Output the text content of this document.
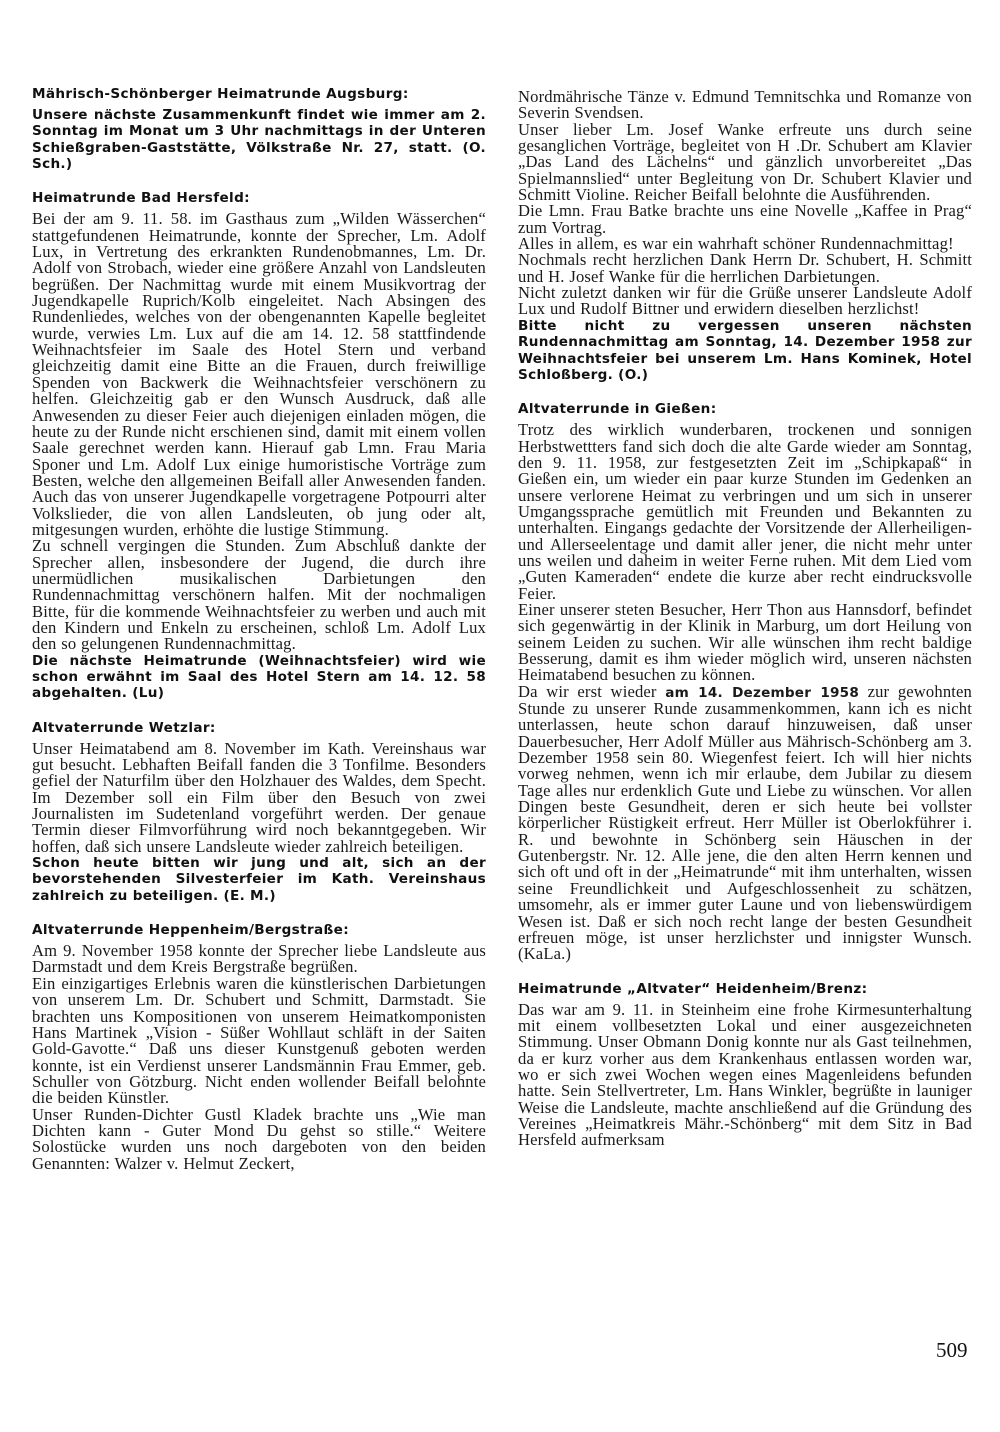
Mährisch-Schönberger Heimatrunde Augsburg:

Unsere nächste Zusammenkunft findet wie immer am 2. Sonntag im Monat um 3 Uhr nachmittags in der Unteren Schießgraben-Gaststätte, Völkstraße Nr. 27, statt. (O. Sch.)

Heimatrunde Bad Hersfeld:

Bei der am 9. 11. 58. im Gasthaus zum „Wilden Wässerchen“ stattgefundenen Heimatrunde, konnte der Sprecher, Lm. Adolf Lux, in Vertretung des erkrankten Rundenobmannes, Lm. Dr. Adolf von Strobach, wieder eine größere Anzahl von Landsleuten begrüßen. Der Nachmittag wurde mit einem Musikvortrag der Jugendkapelle Ruprich/Kolb eingeleitet. Nach Absingen des Rundenliedes, welches von der obengenannten Kapelle begleitet wurde, verwies Lm. Lux auf die am 14. 12. 58 stattfindende Weihnachtsfeier im Saale des Hotel Stern und verband gleichzeitig damit eine Bitte an die Frauen, durch freiwillige Spenden von Backwerk die Weihnachtsfeier verschönern zu helfen. Gleichzeitig gab er den Wunsch Ausdruck, daß alle Anwesenden zu dieser Feier auch diejenigen einladen mögen, die heute zu der Runde nicht erschienen sind, damit mit einem vollen Saale gerechnet werden kann. Hierauf gab Lmn. Frau Maria Sponer und Lm. Adolf Lux einige humoristische Vorträge zum Besten, welche den allgemeinen Beifall aller Anwesenden fanden. Auch das von unserer Jugendkapelle vorgetragene Potpourri alter Volkslieder, die von allen Landsleuten, ob jung oder alt, mitgesungen wurden, erhöhte die lustige Stimmung.

Zu schnell vergingen die Stunden. Zum Abschluß dankte der Sprecher allen, insbesondere der Jugend, die durch ihre unermüdlichen musikalischen Darbietungen den Rundennachmittag verschönern halfen. Mit der nochmaligen Bitte, für die kommende Weihnachtsfeier zu werben und auch mit den Kindern und Enkeln zu erscheinen, schloß Lm. Adolf Lux den so gelungenen Rundennachmittag.

Die nächste Heimatrunde (Weihnachtsfeier) wird wie schon erwähnt im Saal des Hotel Stern am 14. 12. 58 abgehalten. (Lu)

Altvaterrunde Wetzlar:

Unser Heimatabend am 8. November im Kath. Vereinshaus war gut besucht. Lebhaften Beifall fanden die 3 Tonfilme. Besonders gefiel der Naturfilm über den Holzhauer des Waldes, dem Specht. Im Dezember soll ein Film über den Besuch von zwei Journalisten im Sudetenland vorgeführt werden. Der genaue Termin dieser Filmvorführung wird noch bekanntgegeben. Wir hoffen, daß sich unsere Landsleute wieder zahlreich beteiligen.

Schon heute bitten wir jung und alt, sich an der bevorstehenden Silvesterfeier im Kath. Vereinshaus zahlreich zu beteiligen. (E. M.)

Altvaterrunde Heppenheim/Bergstraße:

Am 9. November 1958 konnte der Sprecher liebe Landsleute aus Darmstadt und dem Kreis Bergstraße begrüßen.

Ein einzigartiges Erlebnis waren die künstlerischen Darbietungen von unserem Lm. Dr. Schubert und Schmitt, Darmstadt. Sie brachten uns Kompositionen von unserem Heimatkomponisten Hans Martinek „Vision - Süßer Wohllaut schläft in der Saiten Gold-Gavotte.“ Daß uns dieser Kunstgenuß geboten werden konnte, ist ein Verdienst unserer Landsmännin Frau Emmer, geb. Schuller von Götzburg. Nicht enden wollender Beifall belohnte die beiden Künstler.

Unser Runden-Dichter Gustl Kladek brachte uns „Wie man Dichten kann - Guter Mond Du gehst so stille.“ Weitere Solostücke wurden uns noch dargeboten von den beiden Genannten: Walzer v. Helmut Zeckert,

Nordmährische Tänze v. Edmund Temnitschka und Romanze von Severin Svendsen.

Unser lieber Lm. Josef Wanke erfreute uns durch seine gesanglichen Vorträge, begleitet von H .Dr. Schubert am Klavier „Das Land des Lächelns“ und gänzlich unvorbereitet „Das Spielmannslied“ unter Begleitung von Dr. Schubert Klavier und Schmitt Violine. Reicher Beifall belohnte die Ausführenden.

Die Lmn. Frau Batke brachte uns eine Novelle „Kaffee in Prag“ zum Vortrag.

Alles in allem, es war ein wahrhaft schöner Rundennachmittag!

Nochmals recht herzlichen Dank Herrn Dr. Schubert, H. Schmitt und H. Josef Wanke für die herrlichen Darbietungen.

Nicht zuletzt danken wir für die Grüße unserer Landsleute Adolf Lux und Rudolf Bittner und erwidern dieselben herzlichst!

Bitte nicht zu vergessen unseren nächsten Rundennachmittag am Sonntag, 14. Dezember 1958 zur Weihnachtsfeier bei unserem Lm. Hans Kominek, Hotel Schloßberg. (O.)

Altvaterrunde in Gießen:

Trotz des wirklich wunderbaren, trockenen und sonnigen Herbstwettters fand sich doch die alte Garde wieder am Sonntag, den 9. 11. 1958, zur festgesetzten Zeit im „Schipkapaß“ in Gießen ein, um wieder ein paar kurze Stunden im Gedenken an unsere verlorene Heimat zu verbringen und um sich in unserer Umgangssprache gemütlich mit Freunden und Bekannten zu unterhalten. Eingangs gedachte der Vorsitzende der Allerheiligen- und Allerseelentage und damit aller jener, die nicht mehr unter uns weilen und daheim in weiter Ferne ruhen. Mit dem Lied vom „Guten Kameraden“ endete die kurze aber recht eindrucksvolle Feier.

Einer unserer steten Besucher, Herr Thon aus Hannsdorf, befindet sich gegenwärtig in der Klinik in Marburg, um dort Heilung von seinem Leiden zu suchen. Wir alle wünschen ihm recht baldige Besserung, damit es ihm wieder möglich wird, unseren nächsten Heimatabend besuchen zu können.

Da wir erst wieder am 14. Dezember 1958 zur gewohnten Stunde zu unserer Runde zusammenkommen, kann ich es nicht unterlassen, heute schon darauf hinzuweisen, daß unser Dauerbesucher, Herr Adolf Müller aus Mährisch-Schönberg am 3. Dezember 1958 sein 80. Wiegenfest feiert. Ich will hier nichts vorweg nehmen, wenn ich mir erlaube, dem Jubilar zu diesem Tage alles nur erdenklich Gute und Liebe zu wünschen. Vor allen Dingen beste Gesundheit, deren er sich heute bei vollster körperlicher Rüstigkeit erfreut. Herr Müller ist Oberlokführer i. R. und bewohnte in Schönberg sein Häuschen in der Gutenbergstr. Nr. 12. Alle jene, die den alten Herrn kennen und sich oft und oft in der „Heimatrunde“ mit ihm unterhalten, wissen seine Freundlichkeit und Aufgeschlossenheit zu schätzen, umsomehr, als er immer guter Laune und von liebenswürdigem Wesen ist. Daß er sich noch recht lange der besten Gesundheit erfreuen möge, ist unser herzlichster und innigster Wunsch. (KaLa.)

Heimatrunde „Altvater“ Heidenheim/Brenz:

Das war am 9. 11. in Steinheim eine frohe Kirmesunterhaltung mit einem vollbesetzten Lokal und einer ausgezeichneten Stimmung. Unser Obmann Donig konnte nur als Gast teilnehmen, da er kurz vorher aus dem Krankenhaus entlassen worden war, wo er sich zwei Wochen wegen eines Magenleidens befunden hatte. Sein Stellvertreter, Lm. Hans Winkler, begrüßte in launiger Weise die Landsleute, machte anschließend auf die Gründung des Vereines „Heimatkreis Mähr.-Schönberg“ mit dem Sitz in Bad Hersfeld aufmerksam

509
